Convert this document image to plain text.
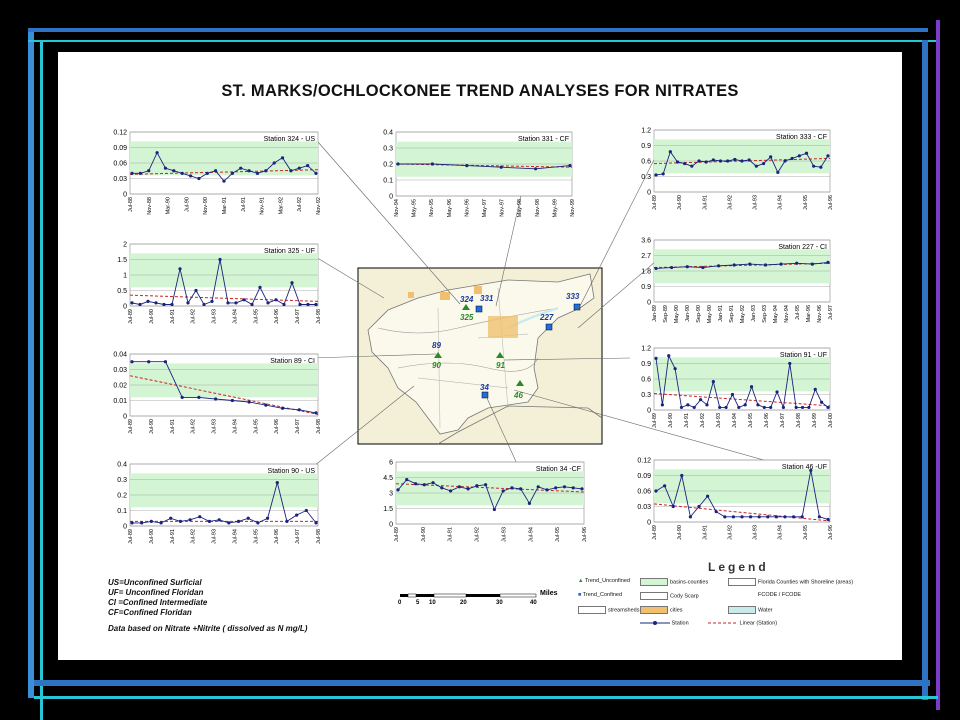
ST. MARKS/OCHLOCKONEE TREND ANALYSES FOR NITRATES
324 331	333
227
325
89
90	91
34
46
0.12
0.09
0.06
0.03
0
Jul-88 Nov-88 Mar-90 Jul-90 Nov-90 Mar-91 Jul-91 Nov-91 Mar-92 Jul-92 Nov-92
Station 324 - US
0.4
0.3
0.2
0.1
0
Nov-94 May-95 Nov-95 May-96 Nov-96 May-97 Nov-97 May-98 Nov-98 May-99 Nov-99
Station 331 - CF
1.2
0.9
0.6
0.3
0
Jul-89	Jul-90	Jul-91	Jul-92	Jul-93	Jul-94	Jul-95	Jul-96
Station 333 - CF
2
1.5
1
0.5
0
Jul-89	Jul-90	Jul-91	Jul-92	Jul-93	Jul-94	Jul-95	Jul-96	Jul-97	Jul-98
Station 325 - UF
3.6
2.7
1.8
0.9
0
Jan-89 Sep-89 May-90 Jan-90 Sep-90 May-90 Jan-91 Sep-91 May-92 Jan-93 Sep-93 May-94 Nov-94 Jul-95 Mar-96 Nov-96 Jul-97
Station 227 - CI
0.04
0.03
0.02
0.01
0
Jul-89	Jul-90	Jul-91	Jul-92	Jul-93	Jul-94	Jul-95	Jul-96	Jul-97	Jul-98
Station 89 - CI
1.2
0.9
0.6
0.3
0
Jul-89 Jul-90 Jul-91 Jul-92 Jul-93 Jul-94 Jul-95 Jul-96 Jul-97 Jul-98 Jul-99 Jul-00
Station 91 - UF
0.4
0.3
0.2
0.1
0
Jul-89	Jul-90	Jul-91	Jul-92	Jul-93	Jul-94	Jul-95	Jul-96	Jul-97	Jul-98
Station 90 - US
6
4.5
3
1.5
0
Jul-89	Jul-90	Jul-91	Jul-92	Jul-93	Jul-94	Jul-95	Jul-96
Station 34 -CF
0.12
0.09
0.06
0.03
0
Jul-89	Jul-90	Jul-91	Jul-92	Jul-93	Jul-94	Jul-95	Jul-96
Station 46 -UF
US=Unconfined Surficial
UF= Unconfined Floridan
CI =Confined Intermediate
CF=Confined Floridan
Data based on Nitrate +Nitrite ( dissolved as N mg/L)
Miles
0 5 10	20	30	40
Legend
▲ Trend_Unconfined
■ Trend_Confined
streamsheds
basins-counties
Cody Scarp
cities
Florida Counties with Shoreline (areas)
FCODE / FCODE
Water
Station	Linear (Station)
